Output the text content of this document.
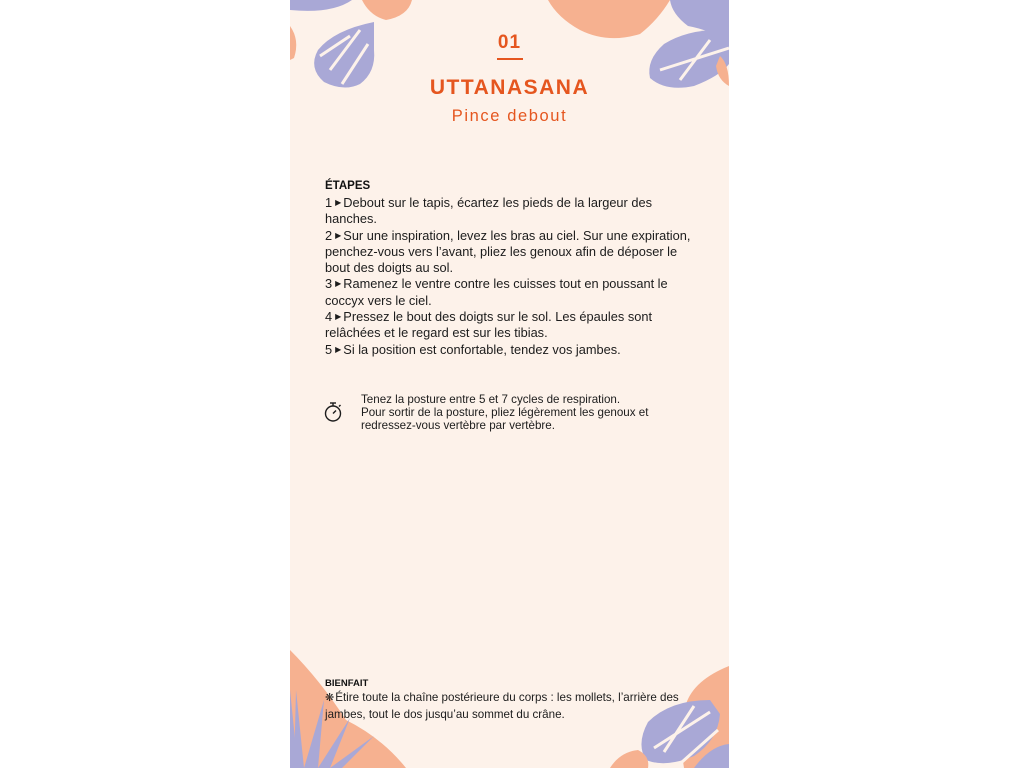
01
UTTANASANA
Pince debout
ÉTAPES

1 ▶ Debout sur le tapis, écartez les pieds de la largeur des hanches.

2 ▶ Sur une inspiration, levez les bras au ciel. Sur une expiration, penchez-vous vers l’avant, pliez les genoux afin de déposer le bout des doigts au sol.

3 ▶ Ramenez le ventre contre les cuisses tout en poussant le coccyx vers le ciel.

4 ▶ Pressez le bout des doigts sur le sol. Les épaules sont relâchées et le regard est sur les tibias.

5 ▶ Si la position est confortable, tendez vos jambes.

Tenez la posture entre 5 et 7 cycles de respiration.

Pour sortir de la posture, pliez légèrement les genoux et redressez-vous vertèbre par vertèbre.

BIENFAIT
❋Étire toute la chaîne postérieure du corps : les mollets, l’arrière des jambes, tout le dos jusqu’au sommet du crâne.
